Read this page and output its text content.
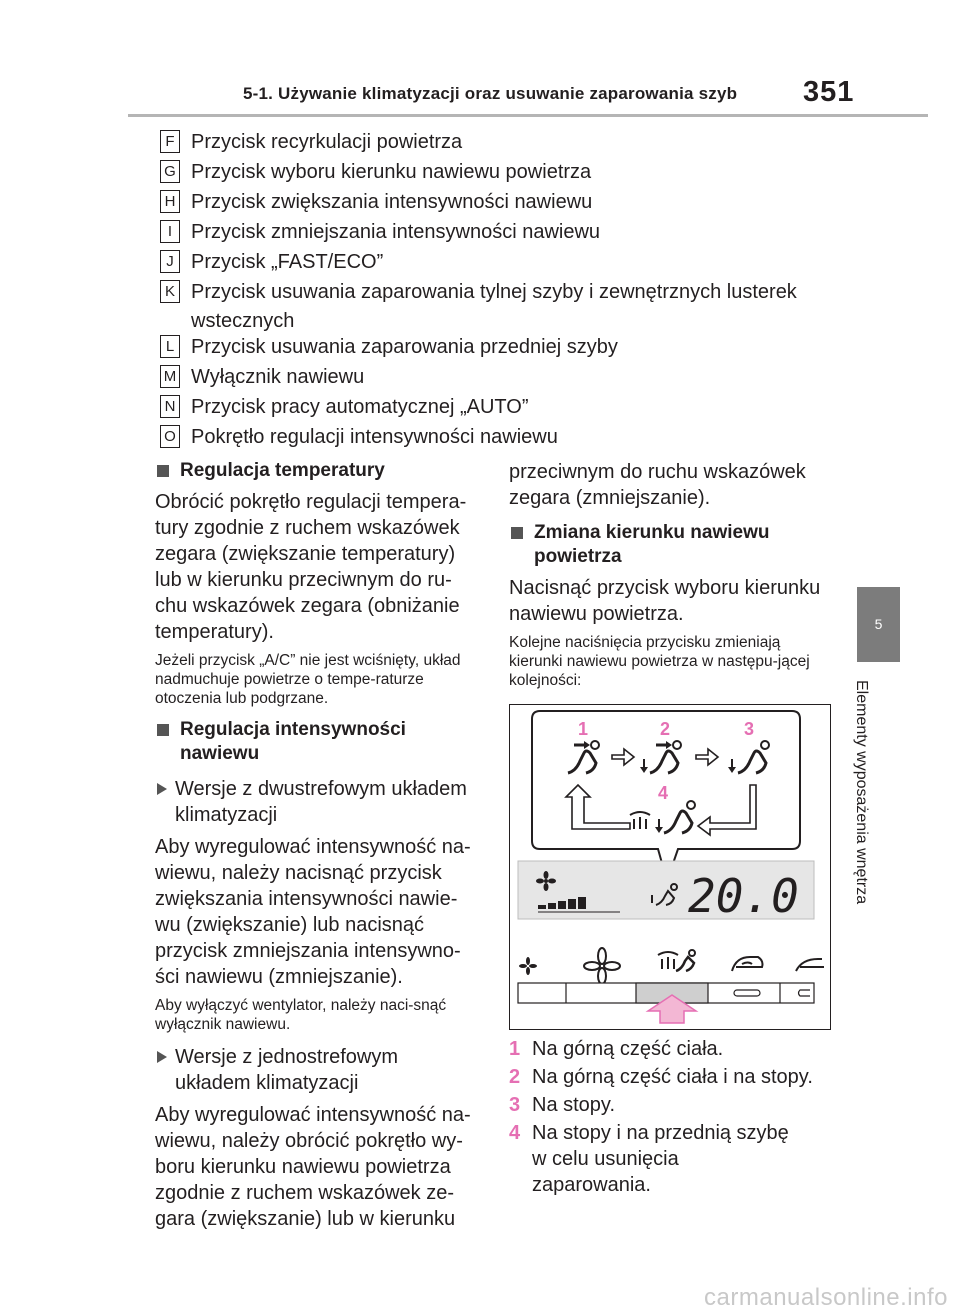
5-1. Używanie klimatyzacji oraz usuwanie zaparowania szyb 351
F Przycisk recyrkulacji powietrza
G Przycisk wyboru kierunku nawiewu powietrza
H Przycisk zwiększania intensywności nawiewu
I Przycisk zmniejszania intensywności nawiewu
J Przycisk „FAST/ECO”
K Przycisk usuwania zaparowania tylnej szyby i zewnętrznych lusterek wstecznych
L Przycisk usuwania zaparowania przedniej szyby
M Wyłącznik nawiewu
N Przycisk pracy automatycznej „AUTO”
O Pokrętło regulacji intensywności nawiewu
Regulacja temperatury
Obrócić pokrętło regulacji tempera-tury zgodnie z ruchem wskazówek zegara (zwiększanie temperatury) lub w kierunku przeciwnym do ru-chu wskazówek zegara (obniżanie temperatury).
Jeżeli przycisk „A/C” nie jest wciśnięty, układ nadmuchuje powietrze o tempe-raturze otoczenia lub podgrzane.
Regulacja intensywności nawiewu
Wersje z dwustrefowym układem klimatyzacji
Aby wyregulować intensywność na-wiewu, należy nacisnąć przycisk zwiększania intensywności nawie-wu (zwiększanie) lub nacisnąć przycisk zmniejszania intensywno-ści nawiewu (zmniejszanie).
Aby wyłączyć wentylator, należy naci-snąć wyłącznik nawiewu.
Wersje z jednostrefowym układem klimatyzacji
Aby wyregulować intensywność na-wiewu, należy obrócić pokrętło wy-boru kierunku nawiewu powietrza zgodnie z ruchem wskazówek ze-gara (zwiększanie) lub w kierunku
przeciwnym do ruchu wskazówek zegara (zmniejszanie).
Zmiana kierunku nawiewu powietrza
Nacisnąć przycisk wyboru kierunku nawiewu powietrza.
Kolejne naciśnięcia przycisku zmieniają kierunki nawiewu powietrza w następu-jącej kolejności:
1	2	3
4
20.0
1 Na górną część ciała.
2 Na górną część ciała i na stopy.
3 Na stopy.
4 Na stopy i na przednią szybę w celu usunięcia zaparowania.
5
Elementy wyposażenia wnętrza
carmanualsonline.info
